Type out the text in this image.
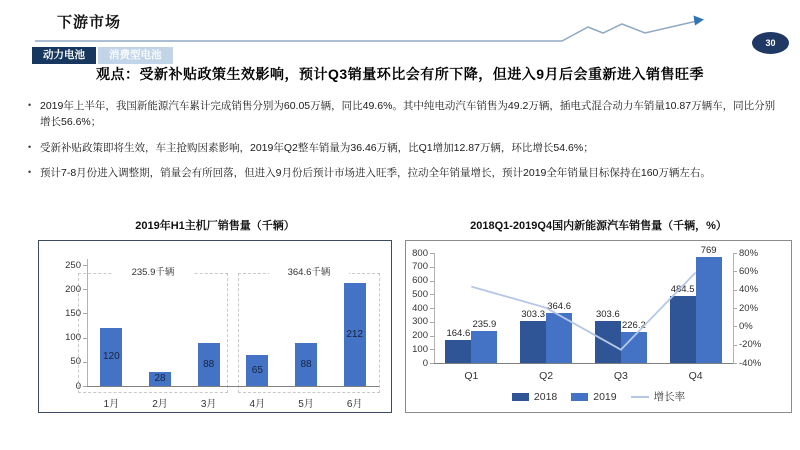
下游市场
30
动力电池	消费型电池
观点：受新补贴政策生效影响，预计Q3销量环比会有所下降，但进入9月后会重新进入销售旺季
• 2019年上半年，我国新能源汽车累计完成销售分别为60.05万辆，同比49.6%。其中纯电动汽车销售为49.2万辆，插电式混合动力车销量10.87万辆车，同比分别增长56.6%；
• 受新补贴政策即将生效，车主抢购因素影响，2019年Q2整车销量为36.46万辆，比Q1增加12.87万辆，环比增长54.6%；
• 预计7-8月份进入调整期，销量会有所回落，但进入9月份后预计市场进入旺季，拉动全年销量增长，预计2019全年销量目标保持在160万辆左右。
2019年H1主机厂销售量（千辆）	2018Q1-2019Q4国内新能源汽车销售量（千辆，%）
235.9千辆	364.6千辆
0
50
100
150
200
250
120
1月
28
2月
88
3月
65
4月
88
5月
212
6月
0
100
200
300
400
500
600
700
800
-40%
-20%
0%
20%
40%
60%
80%
164.6
303.3	303.6
484.5
235.9
364.6
226.2
769
Q1	Q2	Q3	Q4
2018	2019	增长率
